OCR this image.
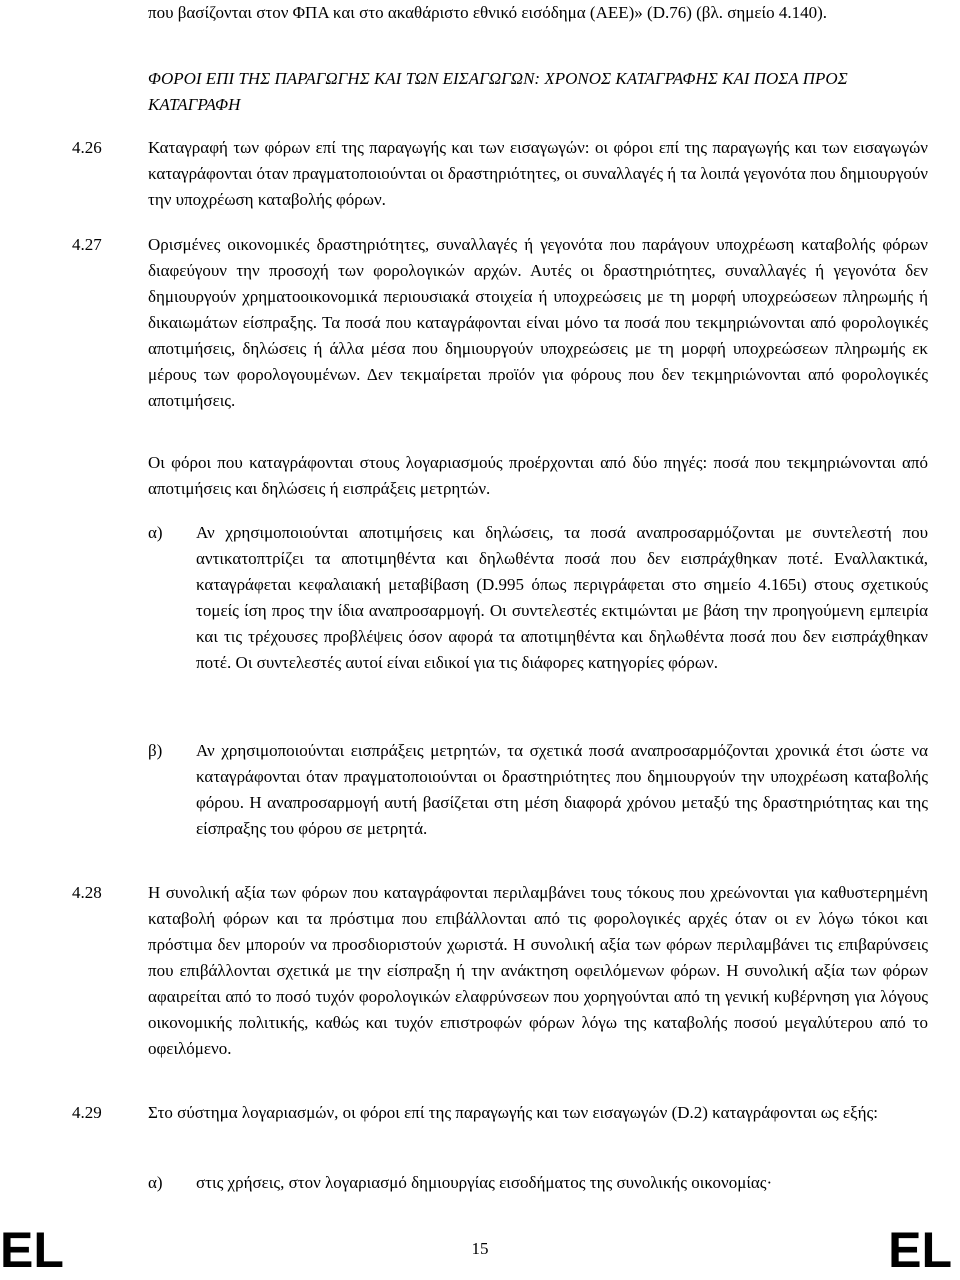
που βασίζονται στον ΦΠΑ και στο ακαθάριστο εθνικό εισόδημα (ΑΕΕ)» (D.76) (βλ. σημείο 4.140).
ΦΟΡΟΙ ΕΠΙ ΤΗΣ ΠΑΡΑΓΩΓΗΣ ΚΑΙ ΤΩΝ ΕΙΣΑΓΩΓΩΝ: ΧΡΟΝΟΣ ΚΑΤΑΓΡΑΦΗΣ ΚΑΙ ΠΟΣΑ ΠΡΟΣ ΚΑΤΑΓΡΑΦΗ
4.26	Καταγραφή των φόρων επί της παραγωγής και των εισαγωγών: οι φόροι επί της παραγωγής και των εισαγωγών καταγράφονται όταν πραγματοποιούνται οι δραστηριότητες, οι συναλλαγές ή τα λοιπά γεγονότα που δημιουργούν την υποχρέωση καταβολής φόρων.
4.27	Ορισμένες οικονομικές δραστηριότητες, συναλλαγές ή γεγονότα που παράγουν υποχρέωση καταβολής φόρων διαφεύγουν την προσοχή των φορολογικών αρχών. Αυτές οι δραστηριότητες, συναλλαγές ή γεγονότα δεν δημιουργούν χρηματοοικονομικά περιουσιακά στοιχεία ή υποχρεώσεις με τη μορφή υποχρεώσεων πληρωμής ή δικαιωμάτων είσπραξης. Τα ποσά που καταγράφονται είναι μόνο τα ποσά που τεκμηριώνονται από φορολογικές αποτιμήσεις, δηλώσεις ή άλλα μέσα που δημιουργούν υποχρεώσεις με τη μορφή υποχρεώσεων πληρωμής εκ μέρους των φορολογουμένων. Δεν τεκμαίρεται προϊόν για φόρους που δεν τεκμηριώνονται από φορολογικές αποτιμήσεις.
Οι φόροι που καταγράφονται στους λογαριασμούς προέρχονται από δύο πηγές: ποσά που τεκμηριώνονται από αποτιμήσεις και δηλώσεις ή εισπράξεις μετρητών.
α)	Αν χρησιμοποιούνται αποτιμήσεις και δηλώσεις, τα ποσά αναπροσαρμόζονται με συντελεστή που αντικατοπτρίζει τα αποτιμηθέντα και δηλωθέντα ποσά που δεν εισπράχθηκαν ποτέ. Εναλλακτικά, καταγράφεται κεφαλαιακή μεταβίβαση (D.995 όπως περιγράφεται στο σημείο 4.165ι) στους σχετικούς τομείς ίση προς την ίδια αναπροσαρμογή. Οι συντελεστές εκτιμώνται με βάση την προηγούμενη εμπειρία και τις τρέχουσες προβλέψεις όσον αφορά τα αποτιμηθέντα και δηλωθέντα ποσά που δεν εισπράχθηκαν ποτέ. Οι συντελεστές αυτοί είναι ειδικοί για τις διάφορες κατηγορίες φόρων.
β)	Αν χρησιμοποιούνται εισπράξεις μετρητών, τα σχετικά ποσά αναπροσαρμόζονται χρονικά έτσι ώστε να καταγράφονται όταν πραγματοποιούνται οι δραστηριότητες που δημιουργούν την υποχρέωση καταβολής φόρου. Η αναπροσαρμογή αυτή βασίζεται στη μέση διαφορά χρόνου μεταξύ της δραστηριότητας και της είσπραξης του φόρου σε μετρητά.
4.28	Η συνολική αξία των φόρων που καταγράφονται περιλαμβάνει τους τόκους που χρεώνονται για καθυστερημένη καταβολή φόρων και τα πρόστιμα που επιβάλλονται από τις φορολογικές αρχές όταν οι εν λόγω τόκοι και πρόστιμα δεν μπορούν να προσδιοριστούν χωριστά. Η συνολική αξία των φόρων περιλαμβάνει τις επιβαρύνσεις που επιβάλλονται σχετικά με την είσπραξη ή την ανάκτηση οφειλόμενων φόρων. Η συνολική αξία των φόρων αφαιρείται από το ποσό τυχόν φορολογικών ελαφρύνσεων που χορηγούνται από τη γενική κυβέρνηση για λόγους οικονομικής πολιτικής, καθώς και τυχόν επιστροφών φόρων λόγω της καταβολής ποσού μεγαλύτερου από το οφειλόμενο.
4.29	Στο σύστημα λογαριασμών, οι φόροι επί της παραγωγής και των εισαγωγών (D.2) καταγράφονται ως εξής:
α)	στις χρήσεις, στον λογαριασμό δημιουργίας εισοδήματος της συνολικής οικονομίας·
EL	15	EL
